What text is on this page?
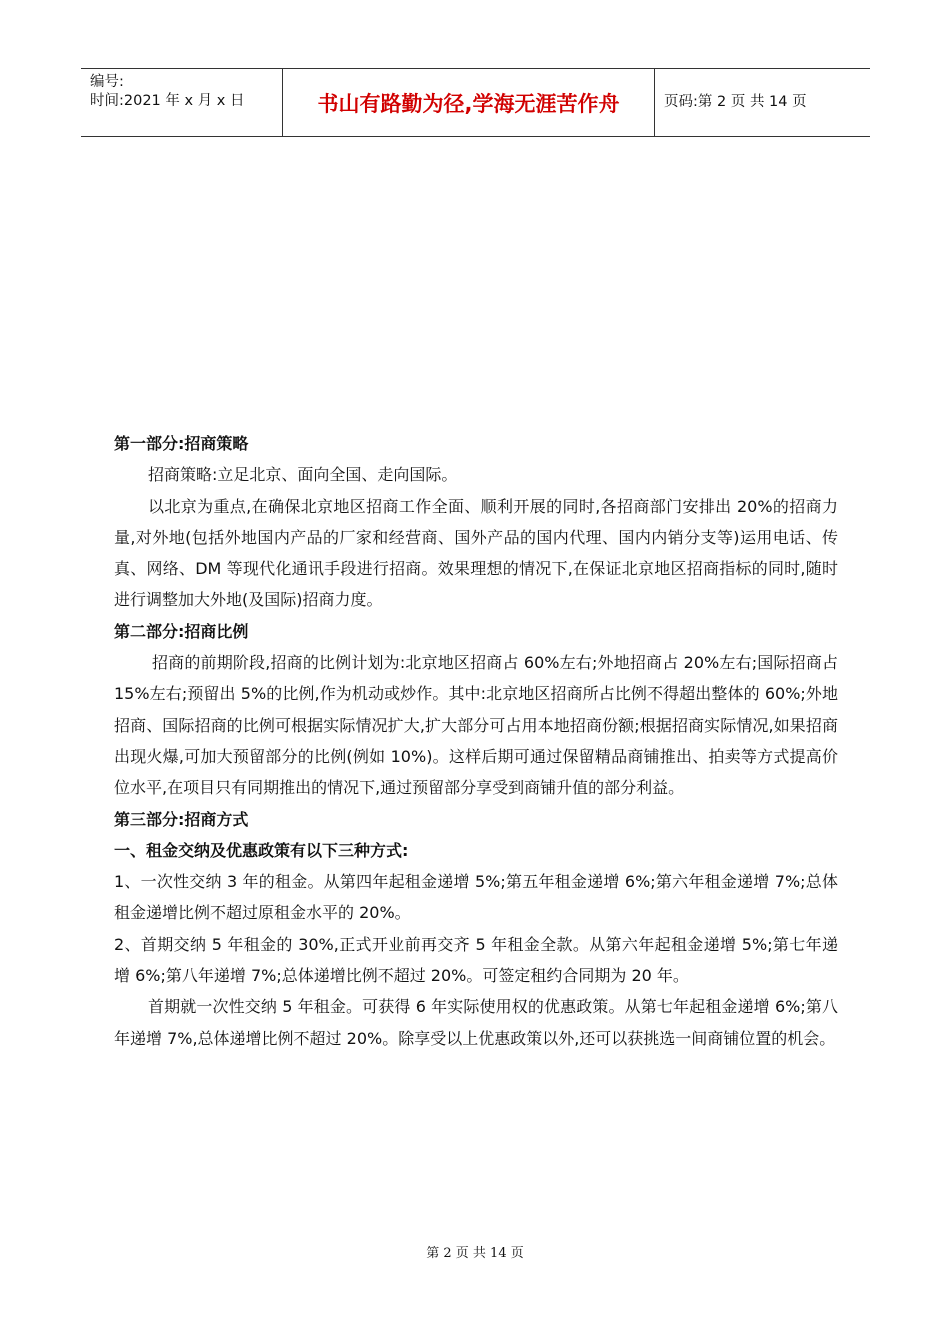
编号:
时间:2021 年 x 月 x 日	书山有路勤为径,学海无涯苦作舟	页码:第 2 页 共 14 页

第一部分:招商策略

招商策略:立足北京、面向全国、走向国际。

以北京为重点,在确保北京地区招商工作全面、顺利开展的同时,各招商部门安排出 20%的招商力量,对外地(包括外地国内产品的厂家和经营商、国外产品的国内代理、国内内销分支等)运用电话、传真、网络、DM 等现代化通讯手段进行招商。效果理想的情况下,在保证北京地区招商指标的同时,随时进行调整加大外地(及国际)招商力度。

第二部分:招商比例

招商的前期阶段,招商的比例计划为:北京地区招商占 60%左右;外地招商占 20%左右;国际招商占 15%左右;预留出 5%的比例,作为机动或炒作。其中:北京地区招商所占比例不得超出整体的 60%;外地招商、国际招商的比例可根据实际情况扩大,扩大部分可占用本地招商份额;根据招商实际情况,如果招商出现火爆,可加大预留部分的比例(例如 10%)。这样后期可通过保留精品商铺推出、拍卖等方式提高价位水平,在项目只有同期推出的情况下,通过预留部分享受到商铺升值的部分利益。

第三部分:招商方式

一、租金交纳及优惠政策有以下三种方式:

1、一次性交纳 3 年的租金。从第四年起租金递增 5%;第五年租金递增 6%;第六年租金递增 7%;总体租金递增比例不超过原租金水平的 20%。

2、首期交纳 5 年租金的 30%,正式开业前再交齐 5 年租金全款。从第六年起租金递增 5%;第七年递增 6%;第八年递增 7%;总体递增比例不超过 20%。可签定租约合同期为 20 年。

首期就一次性交纳 5 年租金。可获得 6 年实际使用权的优惠政策。从第七年起租金递增 6%;第八年递增 7%,总体递增比例不超过 20%。除享受以上优惠政策以外,还可以获挑选一间商铺位置的机会。

第 2 页 共 14 页
